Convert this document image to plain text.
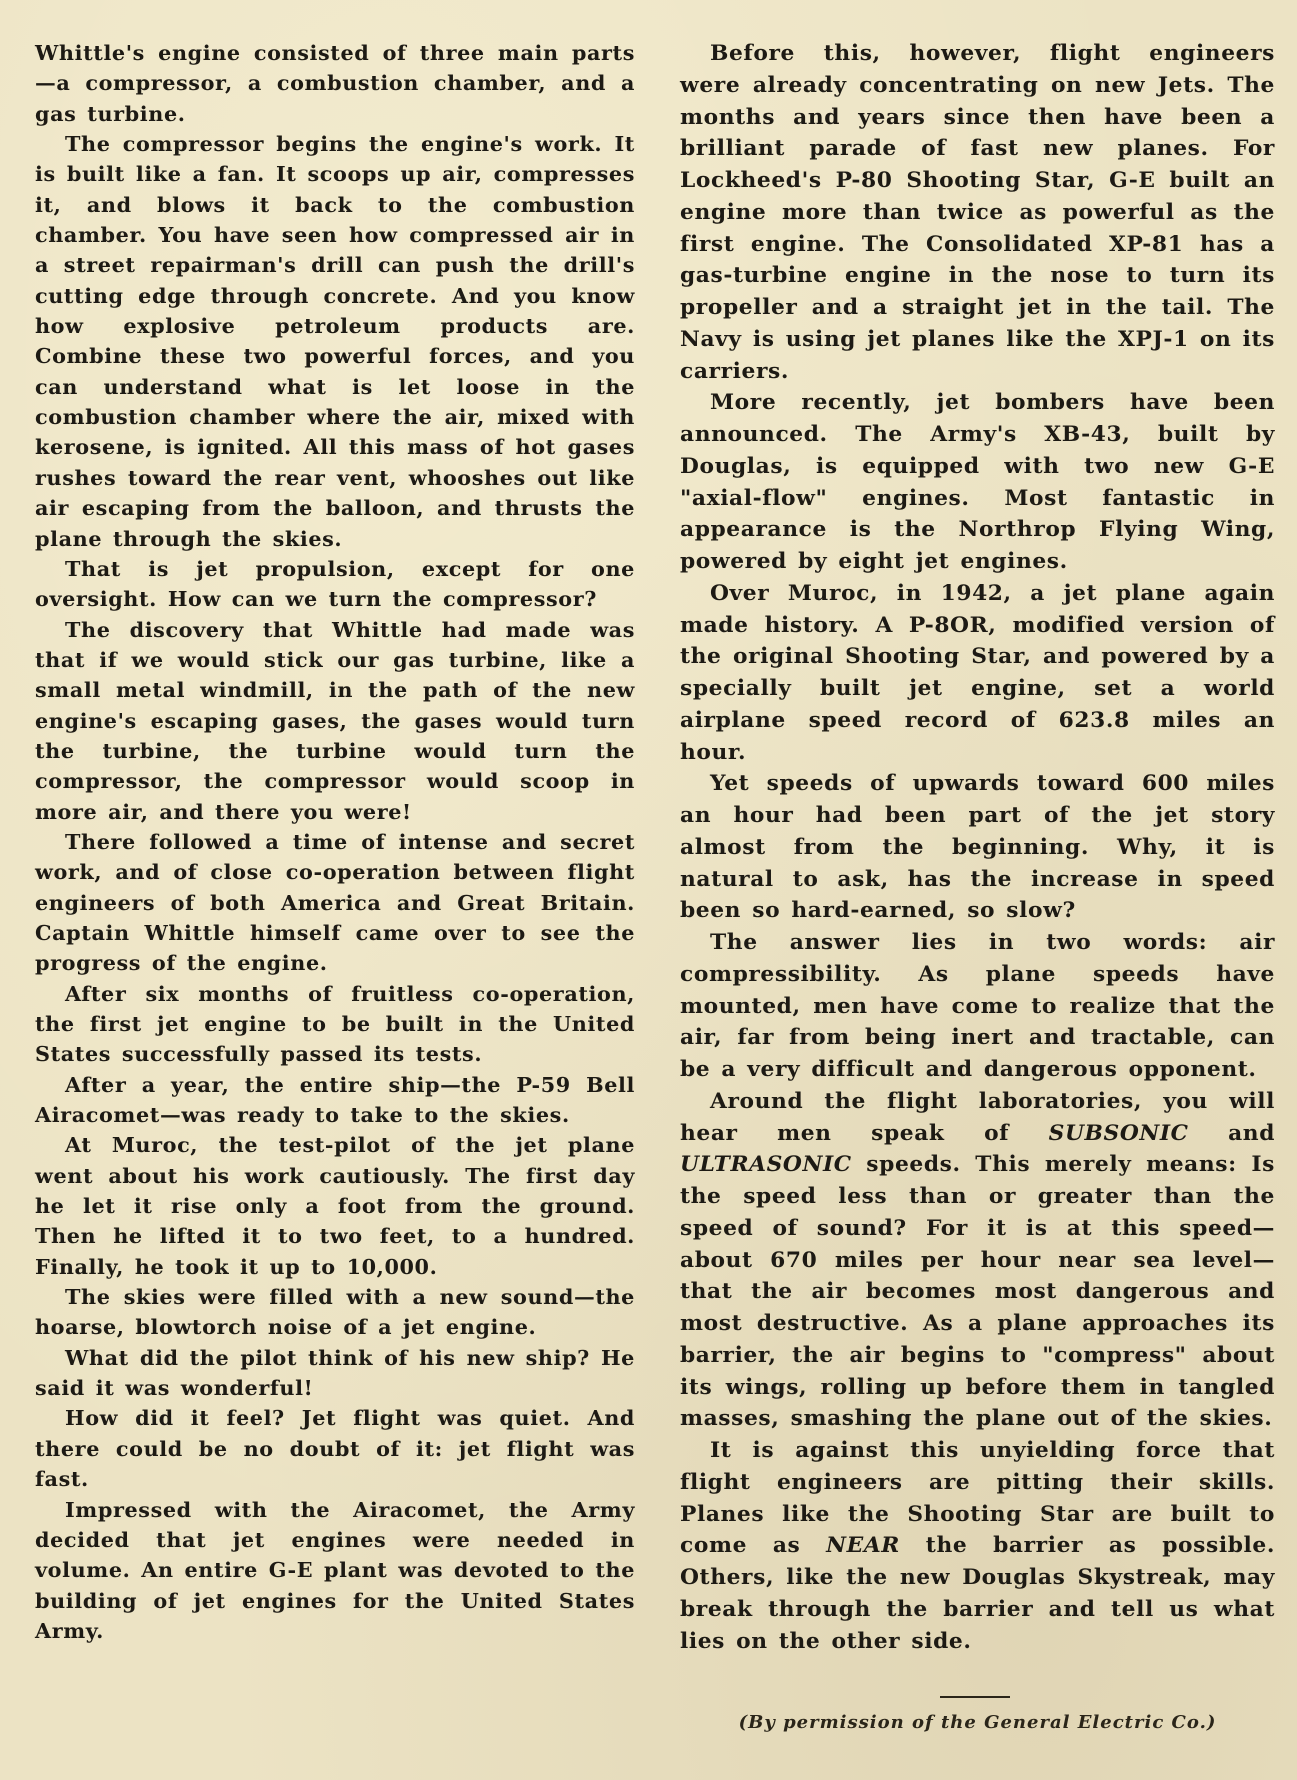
Whittle's engine consisted of three main parts—a compressor, a combustion chamber, and a gas turbine.

The compressor begins the engine's work. It is built like a fan. It scoops up air, compresses it, and blows it back to the combustion chamber. You have seen how compressed air in a street repairman's drill can push the drill's cutting edge through concrete. And you know how explosive petroleum products are. Combine these two powerful forces, and you can understand what is let loose in the combustion chamber where the air, mixed with kerosene, is ignited. All this mass of hot gases rushes toward the rear vent, whooshes out like air escaping from the balloon, and thrusts the plane through the skies.

That is jet propulsion, except for one oversight. How can we turn the compressor?

The discovery that Whittle had made was that if we would stick our gas turbine, like a small metal windmill, in the path of the new engine's escaping gases, the gases would turn the turbine, the turbine would turn the compressor, the compressor would scoop in more air, and there you were!

There followed a time of intense and secret work, and of close co-operation between flight engineers of both America and Great Britain. Captain Whittle himself came over to see the progress of the engine.

After six months of fruitless co-operation, the first jet engine to be built in the United States successfully passed its tests.

After a year, the entire ship—the P-59 Bell Airacomet—was ready to take to the skies.

At Muroc, the test-pilot of the jet plane went about his work cautiously. The first day he let it rise only a foot from the ground. Then he lifted it to two feet, to a hundred. Finally, he took it up to 10,000.

The skies were filled with a new sound—the hoarse, blowtorch noise of a jet engine.

What did the pilot think of his new ship? He said it was wonderful!

How did it feel? Jet flight was quiet. And there could be no doubt of it: jet flight was fast.

Impressed with the Airacomet, the Army decided that jet engines were needed in volume. An entire G-E plant was devoted to the building of jet engines for the United States Army.

Before this, however, flight engineers were already concentrating on new Jets. The months and years since then have been a brilliant parade of fast new planes. For Lockheed's P-80 Shooting Star, G-E built an engine more than twice as powerful as the first engine. The Consolidated XP-81 has a gas-turbine engine in the nose to turn its propeller and a straight jet in the tail. The Navy is using jet planes like the XPJ-1 on its carriers.

More recently, jet bombers have been announced. The Army's XB-43, built by Douglas, is equipped with two new G-E "axial-flow" engines. Most fantastic in appearance is the Northrop Flying Wing, powered by eight jet engines.

Over Muroc, in 1942, a jet plane again made history. A P-8OR, modified version of the original Shooting Star, and powered by a specially built jet engine, set a world airplane speed record of 623.8 miles an hour.

Yet speeds of upwards toward 600 miles an hour had been part of the jet story almost from the beginning. Why, it is natural to ask, has the increase in speed been so hard-earned, so slow?

The answer lies in two words: air compressibility. As plane speeds have mounted, men have come to realize that the air, far from being inert and tractable, can be a very difficult and dangerous opponent.

Around the flight laboratories, you will hear men speak of SUBSONIC and ULTRASONIC speeds. This merely means: Is the speed less than or greater than the speed of sound? For it is at this speed—about 670 miles per hour near sea level—that the air becomes most dangerous and most destructive. As a plane approaches its barrier, the air begins to "compress" about its wings, rolling up before them in tangled masses, smashing the plane out of the skies.

It is against this unyielding force that flight engineers are pitting their skills. Planes like the Shooting Star are built to come as NEAR the barrier as possible. Others, like the new Douglas Skystreak, may break through the barrier and tell us what lies on the other side.

(By permission of the General Electric Co.)
